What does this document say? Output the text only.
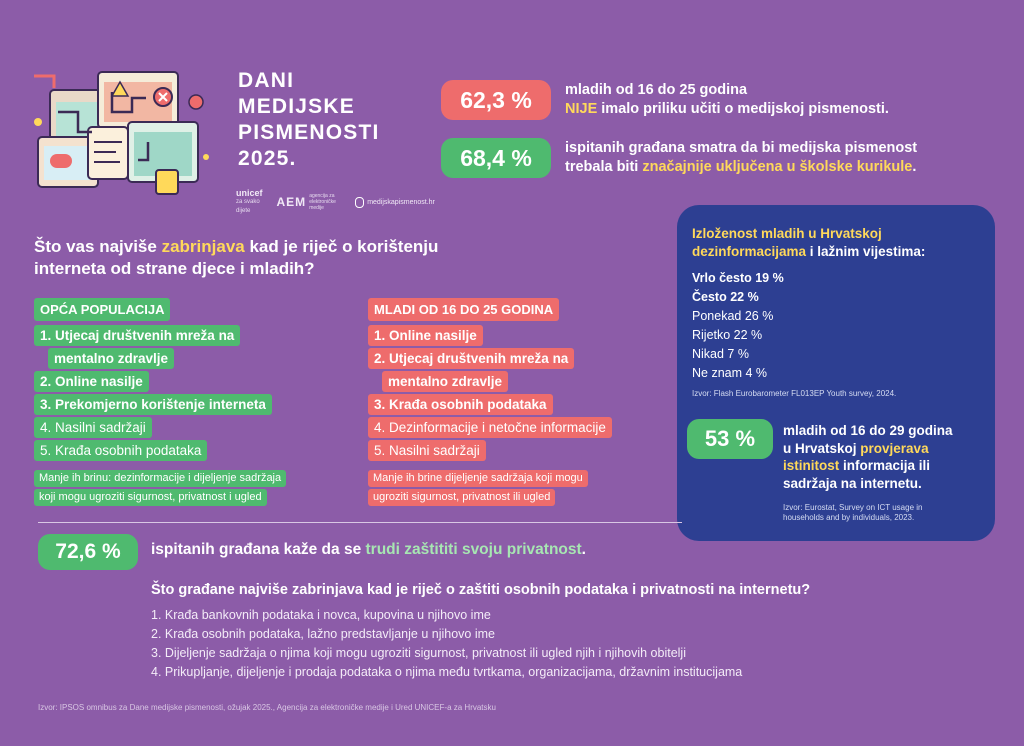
DANI
MEDIJSKE
PISMENOSTI
2025.
unicef
za svako dijete
AEM agencija za elektroničke medije
medijskapismenost.hr
62,3 % mladih od 16 do 25 godina
NIJE imalo priliku učiti o medijskoj pismenosti.
68,4 % ispitanih građana smatra da bi medijska pismenost
trebala biti značajnije uključena u školske kurikule.
Što vas najviše zabrinjava kad je riječ o korištenju
interneta od strane djece i mladih?
OPĆA POPULACIJA
1. Utjecaj društvenih mreža na
mentalno zdravlje
2. Online nasilje
3. Prekomjerno korištenje interneta
4. Nasilni sadržaji
5. Krađa osobnih podataka
Manje ih brinu: dezinformacije i dijeljenje sadržaja
koji mogu ugroziti sigurnost, privatnost i ugled
MLADI OD 16 DO 25 GODINA
1. Online nasilje
2. Utjecaj društvenih mreža na
mentalno zdravlje
3. Krađa osobnih podataka
4. Dezinformacije i netočne informacije
5. Nasilni sadržaji
Manje ih brine dijeljenje sadržaja koji mogu
ugroziti sigurnost, privatnost ili ugled
Izloženost mladih u Hrvatskoj
dezinformacijama i lažnim vijestima:
Vrlo često 19 %
Često 22 %
Ponekad 26 %
Rijetko 22 %
Nikad 7 %
Ne znam 4 %
Izvor: Flash Eurobarometer FL013EP Youth survey, 2024.
53 % mladih od 16 do 29 godina
u Hrvatskoj provjerava
istinitost informacija ili
sadržaja na internetu.
Izvor: Eurostat, Survey on ICT usage in
households and by individuals, 2023.
72,6 % ispitanih građana kaže da se trudi zaštititi svoju privatnost.
Što građane najviše zabrinjava kad je riječ o zaštiti osobnih podataka i privatnosti na internetu?
1. Krađa bankovnih podataka i novca, kupovina u njihovo ime
2. Krađa osobnih podataka, lažno predstavljanje u njihovo ime
3. Dijeljenje sadržaja o njima koji mogu ugroziti sigurnost, privatnost ili ugled njih i njihovih obitelji
4. Prikupljanje, dijeljenje i prodaja podataka o njima među tvrtkama, organizacijama, državnim institucijama
Izvor: IPSOS omnibus za Dane medijske pismenosti, ožujak 2025., Agencija za elektroničke medije i Ured UNICEF-a za Hrvatsku
